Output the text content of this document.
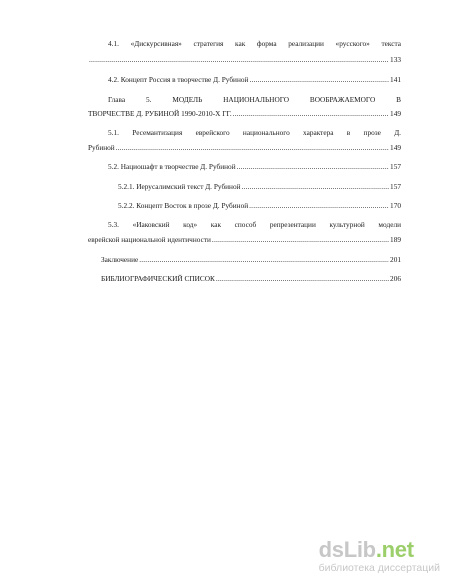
4.1. «Дискурсивная» стратегия как форма реализации «русского» текста
.....
133
4.2. Концепт Россия в творчестве Д. Рубиной .....	141
Глава 5. МОДЕЛЬ НАЦИОНАЛЬНОГО ВООБРАЖАЕМОГО В
ТВОРЧЕСТВЕ Д. РУБИНОЙ 1990-2010-Х ГГ. .....	149
5.1. Ресемантизация еврейского национального характера в прозе Д.
Рубиной .....	149
5.2. Нациошафт в творчестве Д. Рубиной .....	157
5.2.1. Иерусалимский текст Д. Рубиной .....	157
5.2.2. Концепт Восток в прозе Д. Рубиной .....	170
5.3. «Иаковский код» как способ репрезентации культурной модели
еврейской национальной идентичности .....	189
Заключение .....	201
БИБЛИОГРАФИЧЕСКИЙ СПИСОК .....	206
dsLib.net
библиотека диссертаций
